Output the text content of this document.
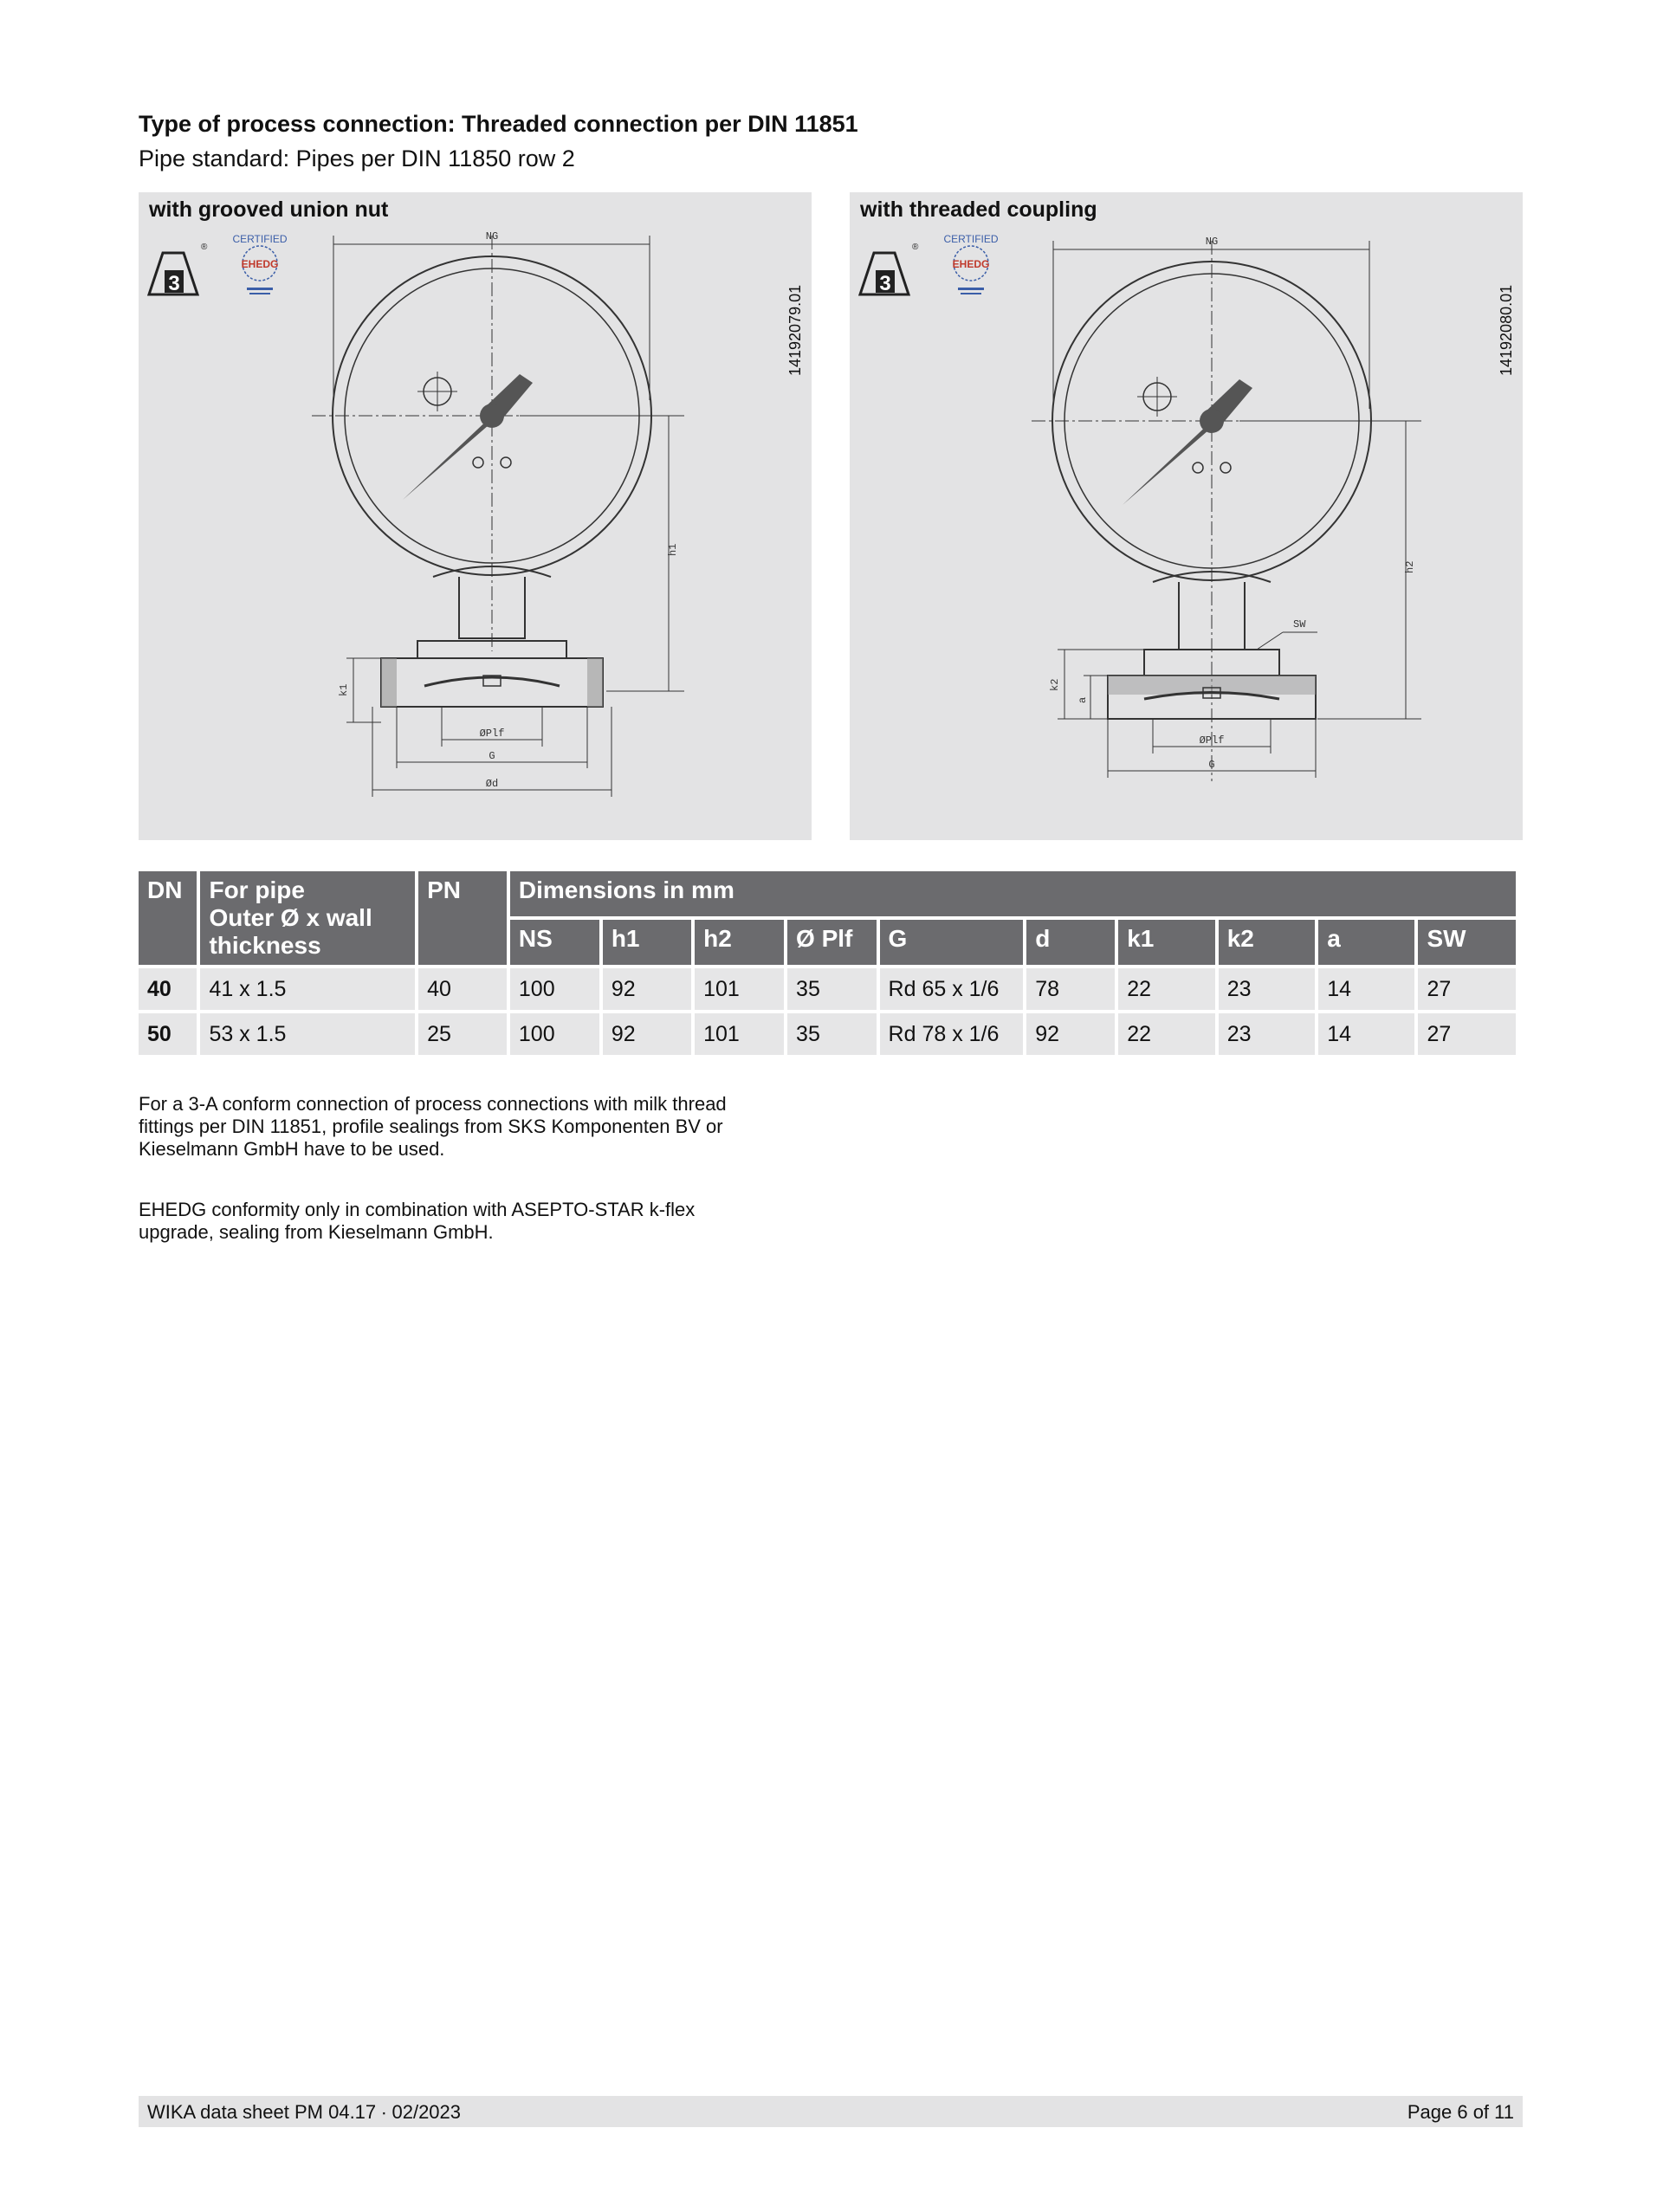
Type of process connection: Threaded connection per DIN 11851
Pipe standard: Pipes per DIN 11850 row 2
with grooved union nut
14192079.01
3
®
CERTIFIED
EHEDG
NG
h1
k1
ØPlf
G
Ød
with threaded coupling
14192080.01
3
®
CERTIFIED
EHEDG
NG
SW
h2
k2
a
ØPlf
G
DN	For pipe
Outer Ø x wall
thickness	PN	Dimensions in mm									
			NS	h1	h2	Ø Plf	G	d	k1	k2	a	SW
40	41 x 1.5	40	100	92	101	35	Rd 65 x 1/6	78	22	23	14	27
50	53 x 1.5	25	100	92	101	35	Rd 78 x 1/6	92	22	23	14	27
For a 3-A conform connection of process connections with milk thread
fittings per DIN 11851, profile sealings from SKS Komponenten BV or
Kieselmann GmbH have to be used.
EHEDG conformity only in combination with ASEPTO-STAR k-flex
upgrade, sealing from Kieselmann GmbH.
WIKA data sheet PM 04.17 ∙ 02/2023	Page 6 of 11
